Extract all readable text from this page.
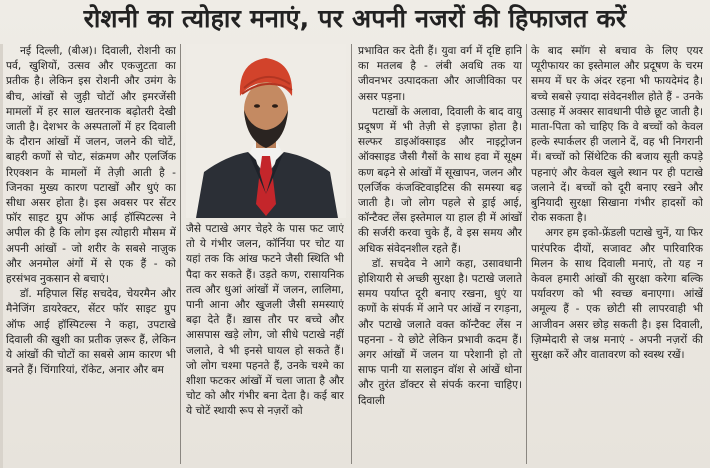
रोशनी का त्योहार मनाएं, पर अपनी नजरों की हिफाजत करें

नई दिल्ली, (बीअ)। दिवाली, रोशनी का पर्व, खुशियों, उत्सव और एकजुटता का प्रतीक है। लेकिन इस रोशनी और उमंग के बीच, आंखों से जुड़ी चोटों और इमरजेंसी मामलों में हर साल खतरनाक बढ़ोतरी देखी जाती है। देशभर के अस्पतालों में हर दिवाली के दौरान आंखों में जलन, जलने की चोटें, बाहरी कणों से चोट, संक्रमण और एलर्जिक रिएक्शन के मामलों में तेज़ी आती है - जिनका मुख्य कारण पटाखों और धुएं का सीधा असर होता है। इस अवसर पर सेंटर फॉर साइट ग्रुप ऑफ आई हॉस्पिटल्स ने अपील की है कि लोग इस त्योहारी मौसम में अपनी आंखों - जो शरीर के सबसे नाज़ुक और अनमोल अंगों में से एक हैं - को हरसंभव नुकसान से बचाएं।

डॉ. महिपाल सिंह सचदेव, चेयरमैन और मैनेजिंग डायरेक्टर, सेंटर फॉर साइट ग्रुप ऑफ आई हॉस्पिटल्स ने कहा, उपटाखे दिवाली की खुशी का प्रतीक ज़रूर हैं, लेकिन ये आंखों की चोटों का सबसे आम कारण भी बनते हैं। चिंगारियां, रॉकेट, अनार और बम

जैसे पटाखे अगर चेहरे के पास फट जाएं तो ये गंभीर जलन, कॉर्निया पर चोट या यहां तक कि आंख फटने जैसी स्थिति भी पैदा कर सकते हैं। उड़ते कण, रासायनिक तत्व और धुआं आंखों में जलन, लालिमा, पानी आना और खुजली जैसी समस्याएं बढ़ा देते हैं। ख़ास तौर पर बच्चे और आसपास खड़े लोग, जो सीधे पटाखे नहीं जलाते, वे भी इनसे घायल हो सकते हैं। जो लोग चश्मा पहनते हैं, उनके चश्मे का शीशा फटकर आंखों में चला जाता है और चोट को और गंभीर बना देता है। कई बार ये चोटें स्थायी रूप से नज़रों को

प्रभावित कर देती हैं। युवा वर्ग में दृष्टि हानि का मतलब है - लंबी अवधि तक या जीवनभर उत्पादकता और आजीविका पर असर पड़ना।

पटाखों के अलावा, दिवाली के बाद वायु प्रदूषण में भी तेज़ी से इज़ाफा होता है। सल्फर डाइऑक्साइड और नाइट्रोजन ऑक्साइड जैसी गैसों के साथ हवा में सूक्ष्म कण बढ़ने से आंखों में सूखापन, जलन और एलर्जिक कंजक्टिवाइटिस की समस्या बढ़ जाती है। जो लोग पहले से ड्राई आई, कॉन्टैक्ट लेंस इस्तेमाल या हाल ही में आंखों की सर्जरी करवा चुके हैं, वे इस समय और अधिक संवेदनशील रहते हैं।

डॉ. सचदेव ने आगे कहा, उसावधानी होशियारी से अच्छी सुरक्षा है। पटाखे जलाते समय पर्याप्त दूरी बनाए रखना, धुएं या कणों के संपर्क में आने पर आंखें न रगड़ना, और पटाखे जलाते वक्त कॉन्टैक्ट लेंस न पहनना - ये छोटे लेकिन प्रभावी कदम हैं। अगर आंखों में जलन या परेशानी हो तो साफ पानी या सलाइन वॉश से आंखें धोना और तुरंत डॉक्टर से संपर्क करना चाहिए। दिवाली

के बाद स्मॉग से बचाव के लिए एयर प्यूरीफायर का इस्तेमाल और प्रदूषण के चरम समय में घर के अंदर रहना भी फायदेमंद है। बच्चे सबसे ज़्यादा संवेदनशील होते हैं - उनके उत्साह में अक्सर सावधानी पीछे छूट जाती है। माता-पिता को चाहिए कि वे बच्चों को केवल हल्के स्पार्कलर ही जलाने दें, वह भी निगरानी में। बच्चों को सिंथेटिक की बजाय सूती कपड़े पहनाएं और केवल खुले स्थान पर ही पटाखे जलाने दें। बच्चों को दूरी बनाए रखने और बुनियादी सुरक्षा सिखाना गंभीर हादसों को रोक सकता है।

अगर हम इको-फ्रेंडली पटाखे चुनें, या फिर पारंपरिक दीयों, सजावट और पारिवारिक मिलन के साथ दिवाली मनाएं, तो यह न केवल हमारी आंखों की सुरक्षा करेगा बल्कि पर्यावरण को भी स्वच्छ बनाएगा। आंखें अमूल्य हैं - एक छोटी सी लापरवाही भी आजीवन असर छोड़ सकती है। इस दिवाली, ज़िम्मेदारी से जश्न मनाएं - अपनी नज़रों की सुरक्षा करें और वातावरण को स्वस्थ रखें।
